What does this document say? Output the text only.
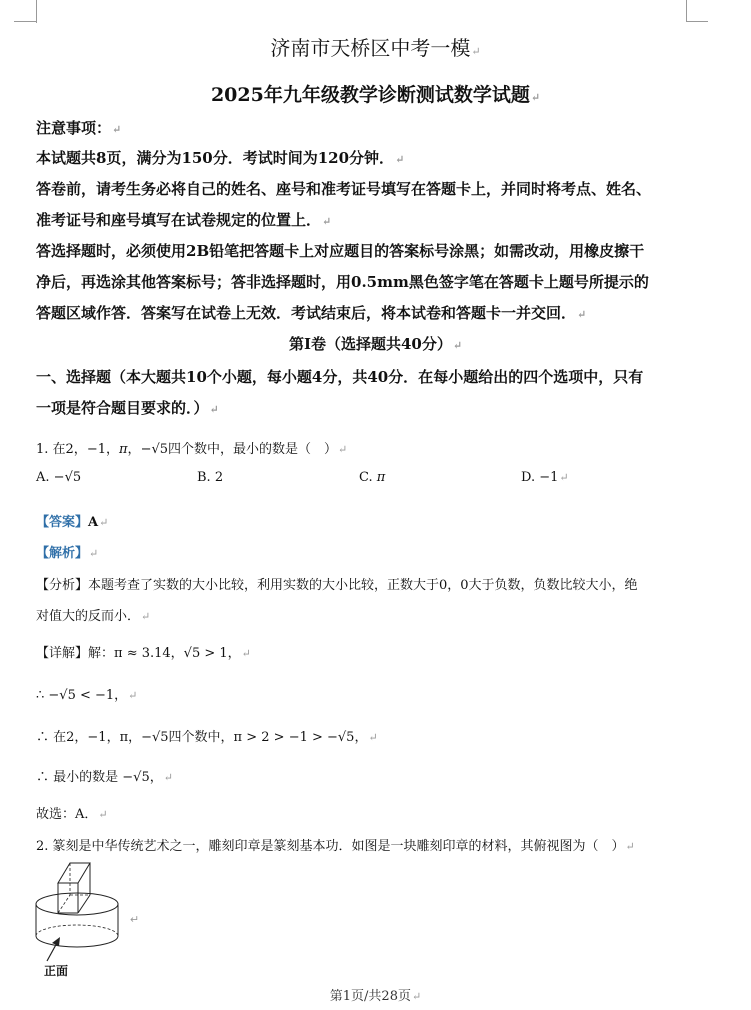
济南市天桥区中考一模↵
2025年九年级教学诊断测试数学试题↵
注意事项：↵
本试题共8页，满分为150分．考试时间为120分钟．↵
答卷前，请考生务必将自己的姓名、座号和准考证号填写在答题卡上，并同时将考点、姓名、
准考证号和座号填写在试卷规定的位置上．↵
答选择题时，必须使用2B铅笔把答题卡上对应题目的答案标号涂黑；如需改动，用橡皮擦干
净后，再选涂其他答案标号；答非选择题时，用0.5mm黑色签字笔在答题卡上题号所提示的
答题区域作答．答案写在试卷上无效．考试结束后，将本试卷和答题卡一并交回．↵
第Ⅰ卷（选择题共40分）↵
一、选择题（本大题共10个小题，每小题4分，共40分．在每小题给出的四个选项中，只有
一项是符合题目要求的．）↵
1. 在2，−1，π，−√5四个数中，最小的数是（　）↵
A. −√5	B. 2	C. π	D. −1↵
【答案】A↵
【解析】↵
【分析】本题考查了实数的大小比较，利用实数的大小比较，正数大于0，0大于负数，负数比较大小，绝
对值大的反而小．↵
【详解】解：π ≈ 3.14，√5 > 1，↵
∴ −√5 < −1，↵
∴ 在2，−1，π，−√5四个数中，π > 2 > −1 > −√5，↵
∴ 最小的数是 −√5，↵
故选：A．↵
2. 篆刻是中华传统艺术之一，雕刻印章是篆刻基本功．如图是一块雕刻印章的材料，其俯视图为（　）↵
↵
正面
第1页/共28页↵
